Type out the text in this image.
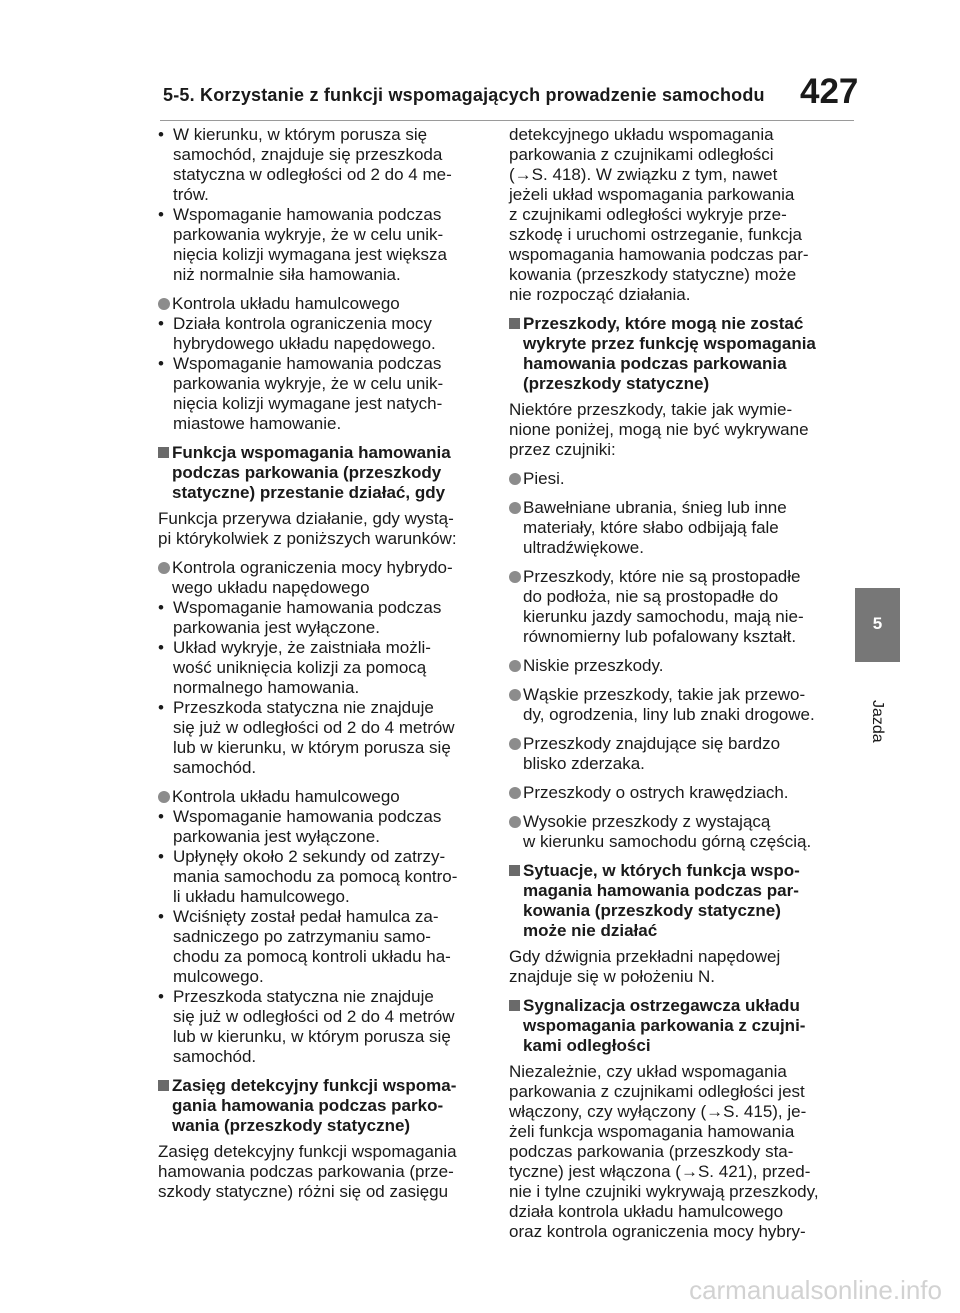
5-5. Korzystanie z funkcji wspomagających prowadzenie samochodu 427
• W kierunku, w którym porusza się
samochód, znajduje się przeszkoda
statyczna w odległości od 2 do 4 me-
trów.
• Wspomaganie hamowania podczas
parkowania wykryje, że w celu unik-
nięcia kolizji wymagana jest większa
niż normalnie siła hamowania.
Kontrola układu hamulcowego
• Działa kontrola ograniczenia mocy
hybrydowego układu napędowego.
• Wspomaganie hamowania podczas
parkowania wykryje, że w celu unik-
nięcia kolizji wymagane jest natych-
miastowe hamowanie.
Funkcja wspomagania hamowania
podczas parkowania (przeszkody
statyczne) przestanie działać, gdy
Funkcja przerywa działanie, gdy wystą-
pi którykolwiek z poniższych warunków:
Kontrola ograniczenia mocy hybrydo-
wego układu napędowego
• Wspomaganie hamowania podczas
parkowania jest wyłączone.
• Układ wykryje, że zaistniała możli-
wość uniknięcia kolizji za pomocą
normalnego hamowania.
• Przeszkoda statyczna nie znajduje
się już w odległości od 2 do 4 metrów
lub w kierunku, w którym porusza się
samochód.
Kontrola układu hamulcowego
• Wspomaganie hamowania podczas
parkowania jest wyłączone.
• Upłynęły około 2 sekundy od zatrzy-
mania samochodu za pomocą kontro-
li układu hamulcowego.
• Wciśnięty został pedał hamulca za-
sadniczego po zatrzymaniu samo-
chodu za pomocą kontroli układu ha-
mulcowego.
• Przeszkoda statyczna nie znajduje
się już w odległości od 2 do 4 metrów
lub w kierunku, w którym porusza się
samochód.
Zasięg detekcyjny funkcji wspoma-
gania hamowania podczas parko-
wania (przeszkody statyczne)
Zasięg detekcyjny funkcji wspomagania
hamowania podczas parkowania (prze-
szkody statyczne) różni się od zasięgu
detekcyjnego układu wspomagania
parkowania z czujnikami odległości
(→S. 418). W związku z tym, nawet
jeżeli układ wspomagania parkowania
z czujnikami odległości wykryje prze-
szkodę i uruchomi ostrzeganie, funkcja
wspomagania hamowania podczas par-
kowania (przeszkody statyczne) może
nie rozpocząć działania.
Przeszkody, które mogą nie zostać
wykryte przez funkcję wspomagania
hamowania podczas parkowania
(przeszkody statyczne)
Niektóre przeszkody, takie jak wymie-
nione poniżej, mogą nie być wykrywane
przez czujniki:
Piesi.
Bawełniane ubrania, śnieg lub inne
materiały, które słabo odbijają fale
ultradźwiękowe.
Przeszkody, które nie są prostopadłe
do podłoża, nie są prostopadłe do
kierunku jazdy samochodu, mają nie-
równomierny lub pofalowany kształt.
Niskie przeszkody.
Wąskie przeszkody, takie jak przewo-
dy, ogrodzenia, liny lub znaki drogowe.
Przeszkody znajdujące się bardzo
blisko zderzaka.
Przeszkody o ostrych krawędziach.
Wysokie przeszkody z wystającą
w kierunku samochodu górną częścią.
Sytuacje, w których funkcja wspo-
magania hamowania podczas par-
kowania (przeszkody statyczne)
może nie działać
Gdy dźwignia przekładni napędowej
znajduje się w położeniu N.
Sygnalizacja ostrzegawcza układu
wspomagania parkowania z czujni-
kami odległości
Niezależnie, czy układ wspomagania
parkowania z czujnikami odległości jest
włączony, czy wyłączony (→S. 415), je-
żeli funkcja wspomagania hamowania
podczas parkowania (przeszkody sta-
tyczne) jest włączona (→S. 421), przed-
nie i tylne czujniki wykrywają przeszkody,
działa kontrola układu hamulcowego
oraz kontrola ograniczenia mocy hybry-
5
Jazda
carmanualsonline.info
